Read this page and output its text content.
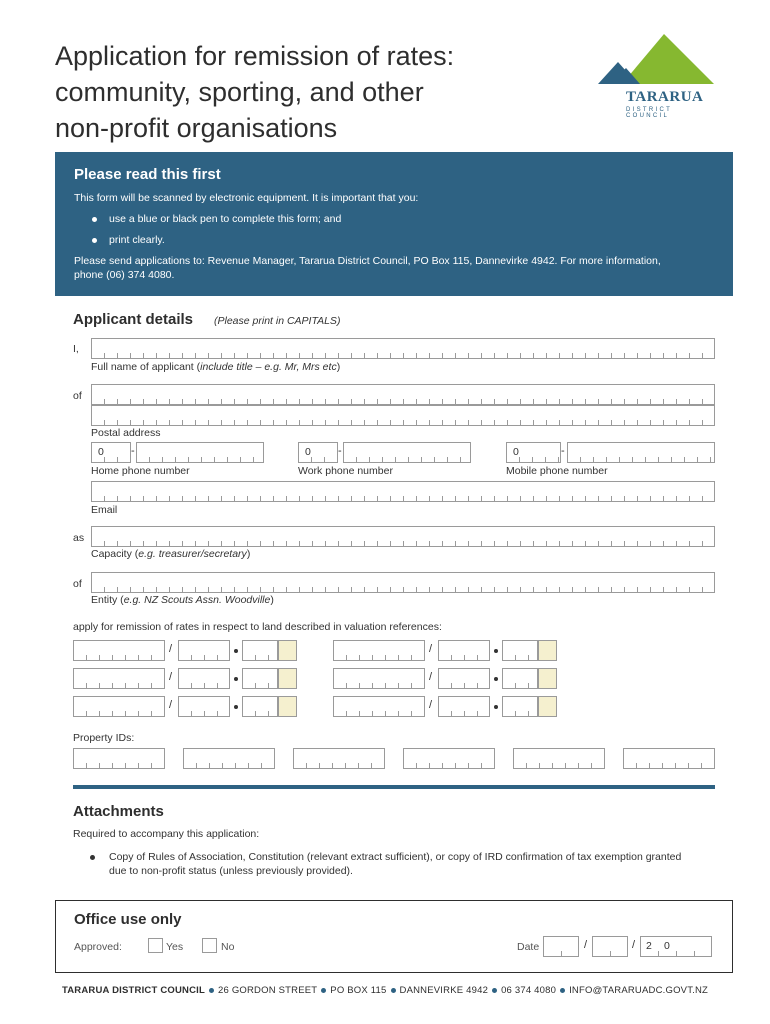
Application for remission of rates:
community, sporting, and other
non-profit organisations
TARARUA
DISTRICT COUNCIL
Please read this first
This form will be scanned by electronic equipment. It is important that you:
use a blue or black pen to complete this form; and
print clearly.
Please send applications to: Revenue Manager, Tararua District Council, PO Box 115, Dannevirke 4942. For more information,
phone (06) 374 4080.
Applicant details (Please print in CAPITALS)
I,
Full name of applicant (include title – e.g. Mr, Mrs etc)
of
Postal address
0 -
Home phone number
0 -
Work phone number
0	-
Mobile phone number
Email
as
Capacity (e.g. treasurer/secretary)
of
Entity (e.g. NZ Scouts Assn. Woodville)
apply for remission of rates in respect to land described in valuation references:
/	/
/	/
/	/
Property IDs:
Attachments
Required to accompany this application:
Copy of Rules of Association, Constitution (relevant extract sufficient), or copy of IRD confirmation of tax exemption granted
due to non-profit status (unless previously provided).
Office use only
Approved:	Yes	No	Date	/	/ 2 0
TARARUA DISTRICT COUNCIL 26 GORDON STREET PO BOX 115 DANNEVIRKE 4942 06 374 4080 INFO@TARARUADC.GOVT.NZ
